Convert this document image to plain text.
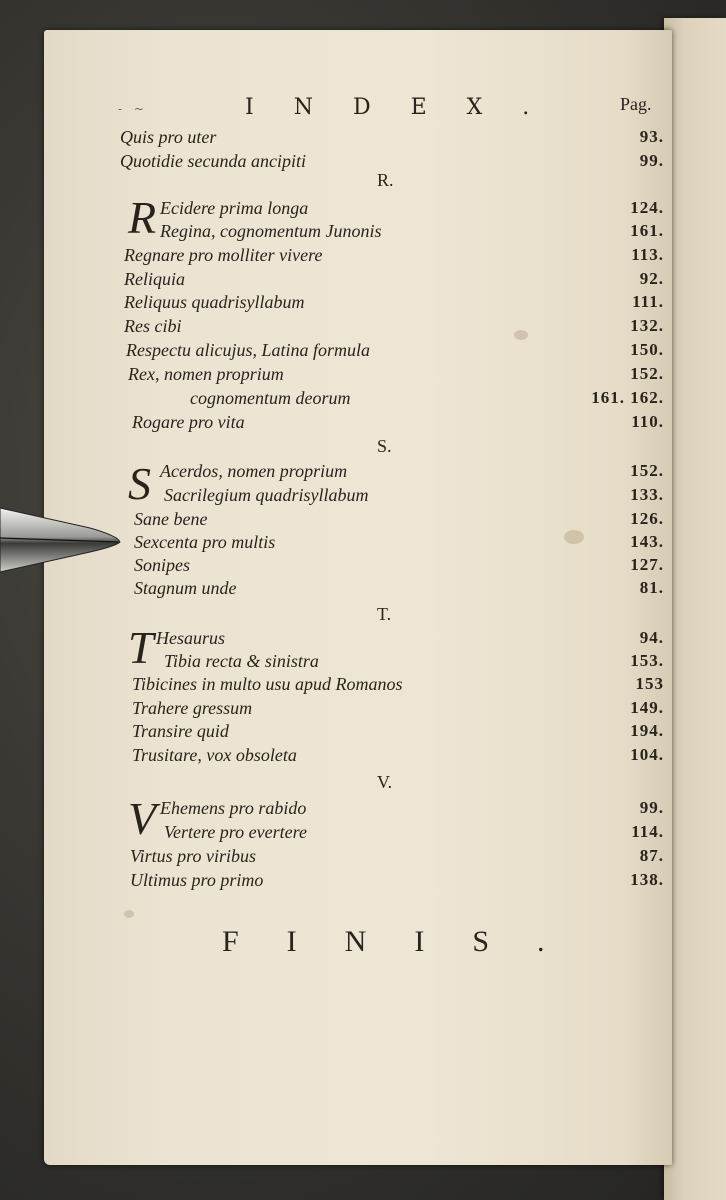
- ~	INDEX.	Pag.
Quis pro uter	93.
Quotidie secunda ancipiti	99.
R.
R Ecidere prima longa	124.
Regina, cognomentum Junonis	161.
Regnare pro molliter vivere	113.
Reliquia	92.
Reliquus quadrisyllabum	111.
Res cibi	132.
Respectu alicujus, Latina formula	150.
Rex, nomen proprium	152.
cognomentum deorum	161. 162.
Rogare pro vita	110.
S.
S Acerdos, nomen proprium	152.
Sacrilegium quadrisyllabum	133.
Sane bene	126.
Sexcenta pro multis	143.
Sonipes	127.
Stagnum unde	81.
T.
T Hesaurus	94.
Tibia recta & sinistra	153.
Tibicines in multo usu apud Romanos	153
Trahere gressum	149.
Transire quid	194.
Trusitare, vox obsoleta	104.
V.
V Ehemens pro rabido	99.
Vertere pro evertere	114.
Virtus pro viribus	87.
Ultimus pro primo	138.
FINIS.
